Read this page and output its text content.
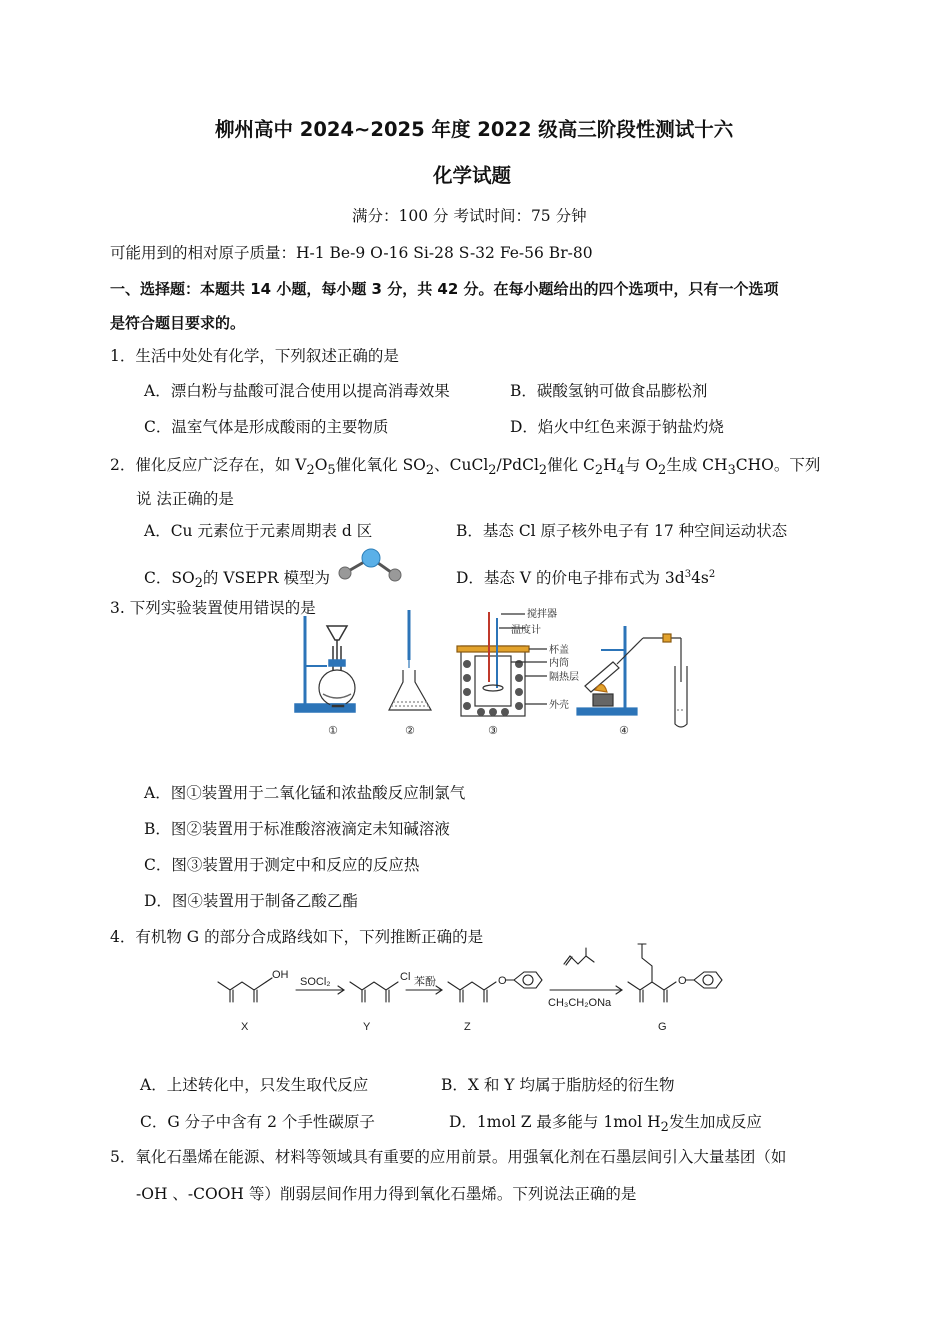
柳州高中 2024~2025 年度 2022 级高三阶段性测试十六
化学试题
满分：100 分 考试时间：75 分钟
可能用到的相对原子质量：H-1 Be-9 O-16 Si-28 S-32 Fe-56 Br-80
一、选择题：本题共 14 小题，每小题 3 分，共 42 分。在每小题给出的四个选项中，只有一个选项
是符合题目要求的。
1．生活中处处有化学，下列叙述正确的是
A．漂白粉与盐酸可混合使用以提高消毒效果	B．碳酸氢钠可做食品膨松剂
C．温室气体是形成酸雨的主要物质	D．焰火中红色来源于钠盐灼烧
2．催化反应广泛存在，如 $V_2O_5$催化氧化 $SO_2$、CuCl$_2$/PdCl$_2$催化 $C_2H_4$与 $O_2$生成 $CH_3CHO$。下列
说 法正确的是
A．Cu 元素位于元素周期表 d 区	B．基态 Cl 原子核外电子有 17 种空间运动状态
C．$SO_2$的 VSEPR 模型为	D．基态 V 的价电子排布式为 $3d^34s^2$
3. 下列实验装置使用错误的是	搅拌器
温度计
杯盖
内筒
隔热层
外壳
①	②	③	④
A．图①装置用于二氧化锰和浓盐酸反应制氯气
B．图②装置用于标准酸溶液滴定未知碱溶液
C．图③装置用于测定中和反应的反应热
D．图④装置用于制备乙酸乙酯
4．有机物 G 的部分合成路线如下，下列推断正确的是
OH	Cl	O	O
SOCl₂	苯酚
CH₃CH₂ONa
X	Y	Z	G
A．上述转化中，只发生取代反应	B．X 和 Y 均属于脂肪烃的衍生物
C．G 分子中含有 2 个手性碳原子	D．1mol Z 最多能与 1mol $H_2$发生加成反应
5．氧化石墨烯在能源、材料等领域具有重要的应用前景。用强氧化剂在石墨层间引入大量基团（如
-OH 、-COOH 等）削弱层间作用力得到氧化石墨烯。下列说法正确的是
